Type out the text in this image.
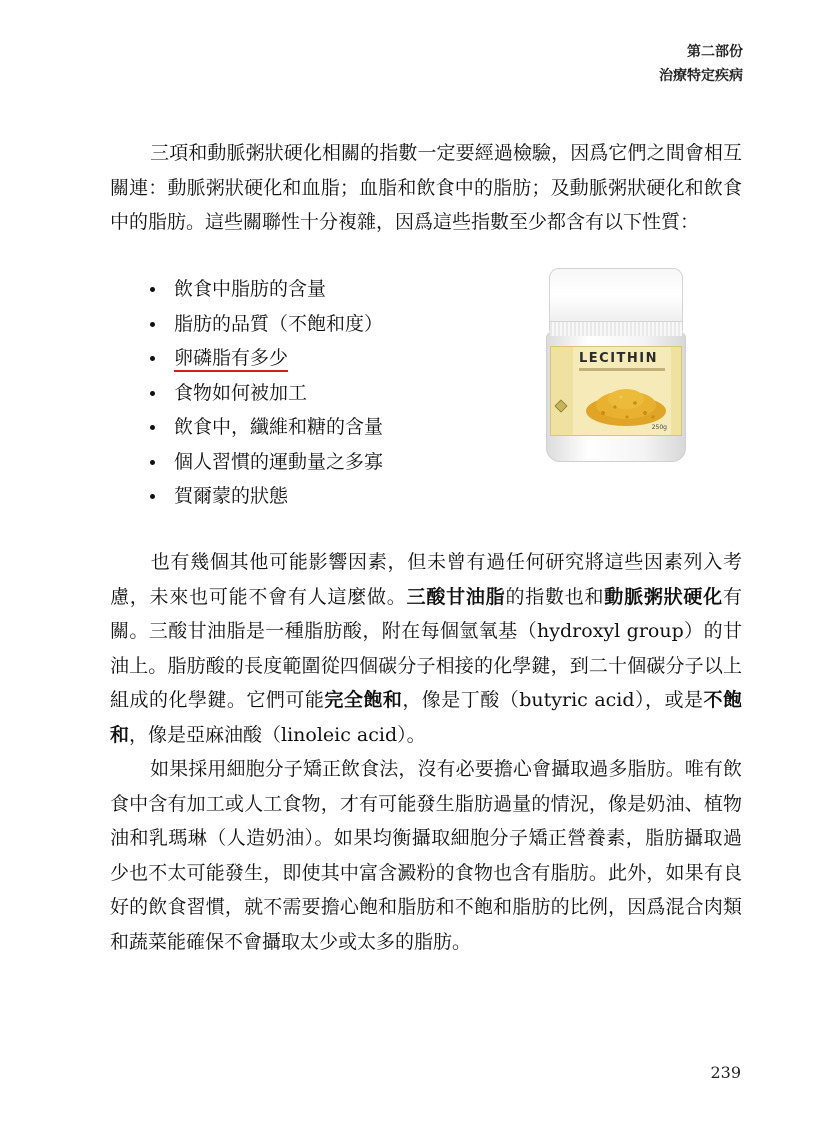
第二部份
治療特定疾病

三項和動脈粥狀硬化相關的指數一定要經過檢驗，因爲它們之間會相互關連：動脈粥狀硬化和血脂；血脂和飲食中的脂肪；及動脈粥狀硬化和飲食中的脂肪。這些關聯性十分複雜，因爲這些指數至少都含有以下性質：

飲食中脂肪的含量
脂肪的品質（不飽和度）
卵磷脂有多少
食物如何被加工
飲食中，纖維和糖的含量
個人習慣的運動量之多寡
賀爾蒙的狀態
LECITHIN
250g

也有幾個其他可能影響因素，但未曾有過任何研究將這些因素列入考慮，未來也可能不會有人這麼做。三酸甘油脂的指數也和動脈粥狀硬化有關。三酸甘油脂是一種脂肪酸，附在每個氫氧基（hydroxyl group）的甘油上。脂肪酸的長度範圍從四個碳分子相接的化學鍵，到二十個碳分子以上組成的化學鍵。它們可能完全飽和，像是丁酸（butyric acid），或是不飽和，像是亞麻油酸（linoleic acid）。

如果採用細胞分子矯正飲食法，沒有必要擔心會攝取過多脂肪。唯有飲食中含有加工或人工食物，才有可能發生脂肪過量的情況，像是奶油、植物油和乳瑪琳（人造奶油）。如果均衡攝取細胞分子矯正營養素，脂肪攝取過少也不太可能發生，即使其中富含澱粉的食物也含有脂肪。此外，如果有良好的飲食習慣，就不需要擔心飽和脂肪和不飽和脂肪的比例，因爲混合肉類和蔬菜能確保不會攝取太少或太多的脂肪。

239
